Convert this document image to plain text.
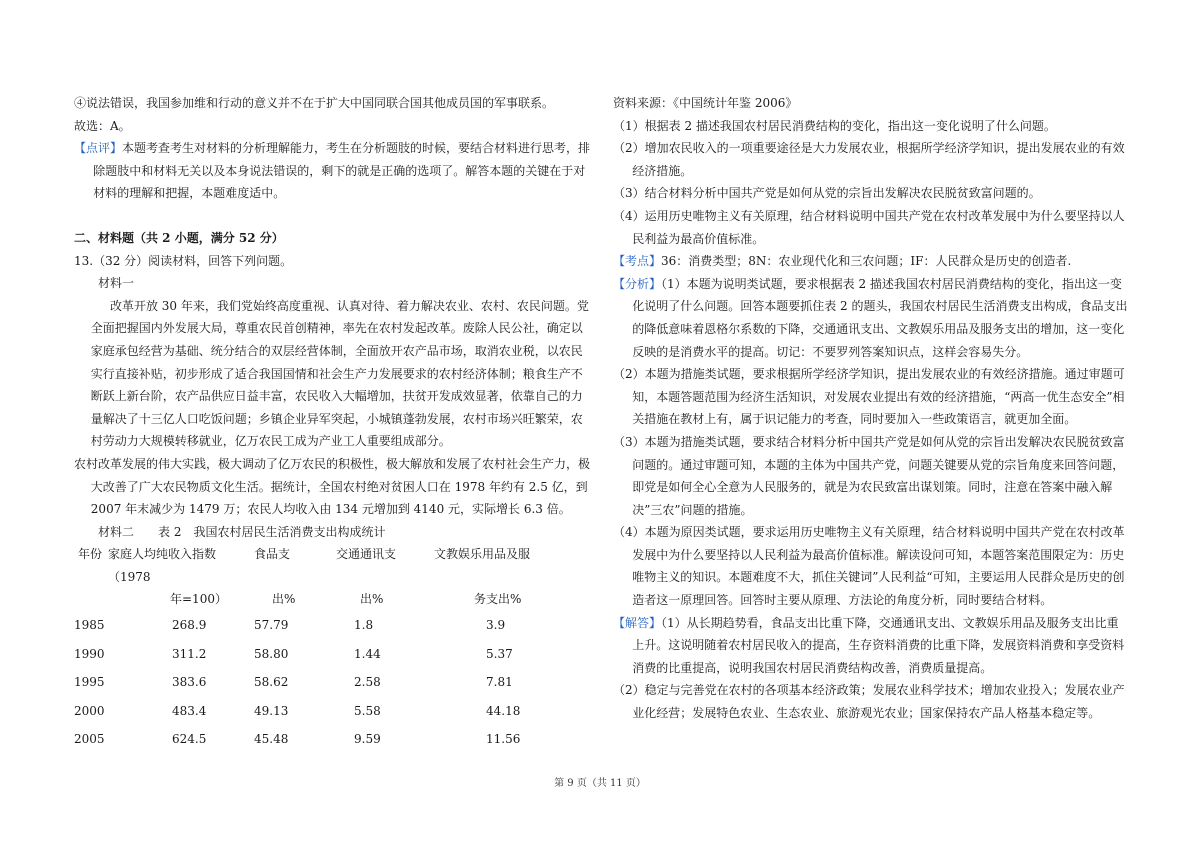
④说法错误，我国参加维和行动的意义并不在于扩大中国同联合国其他成员国的军事联系。

故选：A。

【点评】本题考查考生对材料的分析理解能力，考生在分析题肢的时候，要结合材料进行思考，排除题肢中和材料无关以及本身说法错误的，剩下的就是正确的选项了。解答本题的关键在于对材料的理解和把握，本题难度适中。

二、材料题（共 2 小题，满分 52 分）

13.（32 分）阅读材料，回答下列问题。

材料一

改革开放 30 年来，我们党始终高度重视、认真对待、着力解决农业、农村、农民问题。党全面把握国内外发展大局，尊重农民首创精神，率先在农村发起改革。废除人民公社，确定以家庭承包经营为基础、统分结合的双层经营体制，全面放开农产品市场，取消农业税，以农民实行直接补贴，初步形成了适合我国国情和社会生产力发展要求的农村经济体制；粮食生产不断跃上新台阶，农产品供应日益丰富，农民收入大幅增加，扶贫开发成效显著，依靠自己的力量解决了十三亿人口吃饭问题；乡镇企业异军突起，小城镇蓬勃发展，农村市场兴旺繁荣，农村劳动力大规模转移就业，亿万农民工成为产业工人重要组成部分。

农村改革发展的伟大实践，极大调动了亿万农民的积极性，极大解放和发展了农村社会生产力，极大改善了广大农民物质文化生活。据统计，全国农村绝对贫困人口在 1978 年约有 2.5 亿，到 2007 年末减少为 1479 万；农民人均收入由 134 元增加到 4140 元，实际增长 6.3 倍。

材料二　　表 2　我国农村居民生活消费支出构成统计

年份	家庭人均纯收入指数（1978	食品支	交通通讯支	文教娱乐用品及服
	年=100）	出%	出%	务支出%
1985	268.9	57.79	1.8	3.9
1990	311.2	58.80	1.44	5.37
1995	383.6	58.62	2.58	7.81
2000	483.4	49.13	5.58	44.18
2005	624.5	45.48	9.59	11.56

资料来源：《中国统计年鉴 2006》

（1）根据表 2 描述我国农村居民消费结构的变化，指出这一变化说明了什么问题。

（2）增加农民收入的一项重要途径是大力发展农业，根据所学经济学知识，提出发展农业的有效经济措施。

（3）结合材料分析中国共产党是如何从党的宗旨出发解决农民脱贫致富问题的。

（4）运用历史唯物主义有关原理，结合材料说明中国共产党在农村改革发展中为什么要坚持以人民利益为最高价值标准。

【考点】36：消费类型；8N：农业现代化和三农问题；IF：人民群众是历史的创造者.

【分析】（1）本题为说明类试题，要求根据表 2 描述我国农村居民消费结构的变化，指出这一变化说明了什么问题。回答本题要抓住表 2 的题头，我国农村居民生活消费支出构成，食品支出的降低意味着恩格尔系数的下降，交通通讯支出、文教娱乐用品及服务支出的增加，这一变化反映的是消费水平的提高。切记：不要罗列答案知识点，这样会容易失分。

（2）本题为措施类试题，要求根据所学经济学知识，提出发展农业的有效经济措施。通过审题可知，本题答题范围为经济生活知识，对发展农业提出有效的经济措施，“两高一优生态安全”相关措施在教材上有，属于识记能力的考查，同时要加入一些政策语言，就更加全面。

（3）本题为措施类试题，要求结合材料分析中国共产党是如何从党的宗旨出发解决农民脱贫致富问题的。通过审题可知，本题的主体为中国共产党，问题关键要从党的宗旨角度来回答问题，即党是如何全心全意为人民服务的，就是为农民致富出谋划策。同时，注意在答案中融入解决”三农”问题的措施。

（4）本题为原因类试题，要求运用历史唯物主义有关原理，结合材料说明中国共产党在农村改革发展中为什么要坚持以人民利益为最高价值标准。解读设问可知，本题答案范围限定为：历史唯物主义的知识。本题难度不大，抓住关键词”人民利益“可知，主要运用人民群众是历史的创造者这一原理回答。回答时主要从原理、方法论的角度分析，同时要结合材料。

【解答】（1）从长期趋势看，食品支出比重下降，交通通讯支出、文教娱乐用品及服务支出比重上升。这说明随着农村居民收入的提高，生存资料消费的比重下降，发展资料消费和享受资料消费的比重提高，说明我国农村居民消费结构改善，消费质量提高。

（2）稳定与完善党在农村的各项基本经济政策；发展农业科学技术；增加农业投入；发展农业产业化经营；发展特色农业、生态农业、旅游观光农业；国家保持农产品人格基本稳定等。

第 9 页（共 11 页）
